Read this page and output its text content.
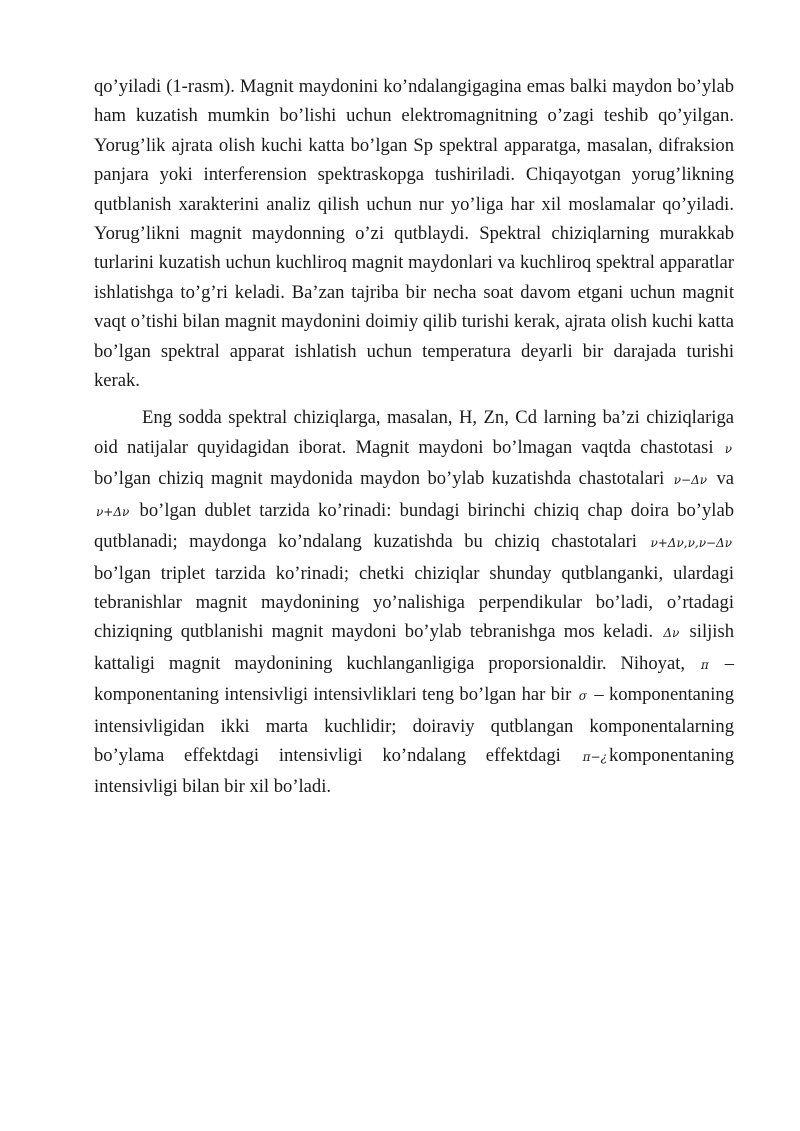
qo’yiladi (1-rasm). Magnit maydonini ko’ndalangigagina emas balki maydon bo’ylab ham kuzatish mumkin bo’lishi uchun elektromagnitning o’zagi teshib qo’yilgan. Yorug’lik ajrata olish kuchi katta bo’lgan Sp spektral apparatga, masalan, difraksion panjara yoki interferension spektraskopga tushiriladi. Chiqayotgan yorug’likning qutblanish xarakterini analiz qilish uchun nur yo’liga har xil moslamalar qo’yiladi. Yorug’likni magnit maydonning o’zi qutblaydi. Spektral chiziqlarning murakkab turlarini kuzatish uchun kuchliroq magnit maydonlari va kuchliroq spektral apparatlar ishlatishga to’g’ri keladi. Ba’zan tajriba bir necha soat davom etgani uchun magnit vaqt o’tishi bilan magnit maydonini doimiy qilib turishi kerak, ajrata olish kuchi katta bo’lgan spektral apparat ishlatish uchun temperatura deyarli bir darajada turishi kerak.

Eng sodda spektral chiziqlarga, masalan, H, Zn, Cd larning ba’zi chiziqlariga oid natijalar quyidagidan iborat. Magnit maydoni bo’lmagan vaqtda chastotasi ν bo’lgan chiziq magnit maydonida maydon bo’ylab kuzatishda chastotalari ν−Δν va ν+Δν bo’lgan dublet tarzida ko’rinadi: bundagi birinchi chiziq chap doira bo’ylab qutblanadi; maydonga ko’ndalang kuzatishda bu chiziq chastotalari ν+Δν,ν,ν−Δν bo’lgan triplet tarzida ko’rinadi; chetki chiziqlar shunday qutblanganki, ulardagi tebranishlar magnit maydonining yo’nalishiga perpendikular bo’ladi, o’rtadagi chiziqning qutblanishi magnit maydoni bo’ylab tebranishga mos keladi. Δν siljish kattaligi magnit maydonining kuchlanganligiga proporsionaldir. Nihoyat, π – komponentaning intensivligi intensivliklari teng bo’lgan har bir σ – komponentaning intensivligidan ikki marta kuchlidir; doiraviy qutblangan komponentalarning bo’ylama effektdagi intensivligi ko’ndalang effektdagi π−¿ komponentaning intensivligi bilan bir xil bo’ladi.
